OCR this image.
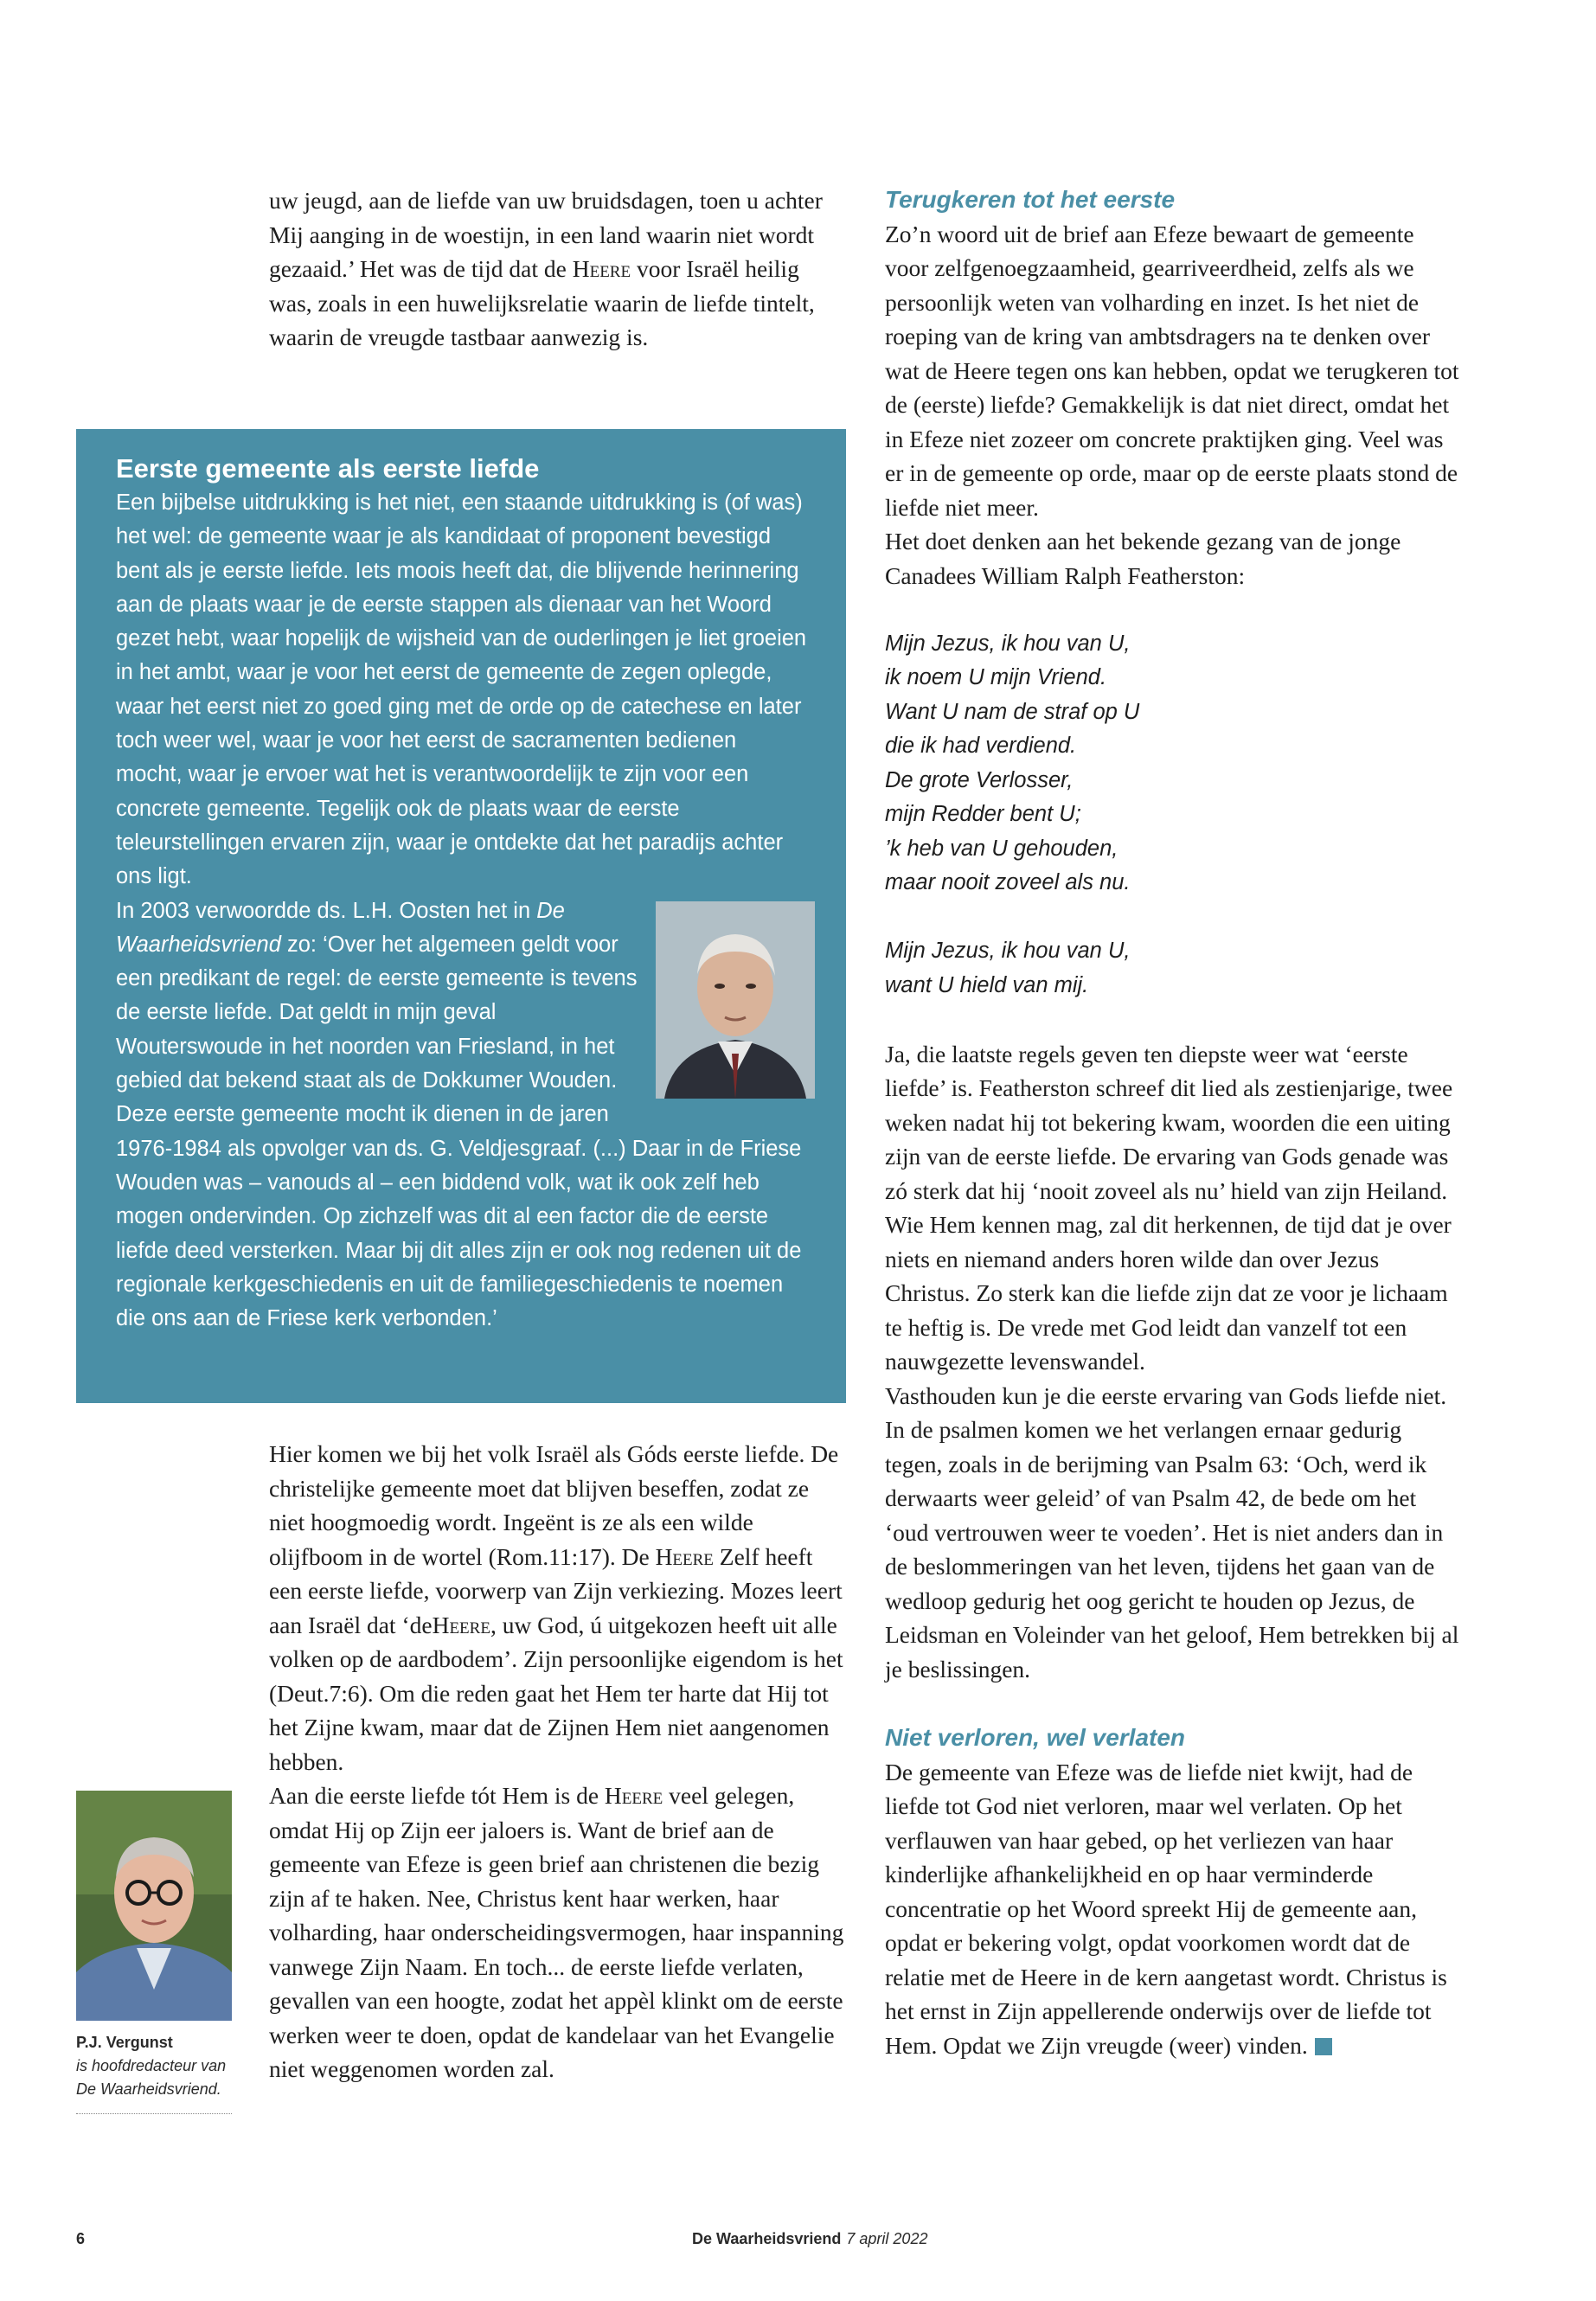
uw jeugd, aan de liefde van uw bruidsdagen, toen u achter Mij aanging in de woestijn, in een land waarin niet wordt gezaaid.’ Het was de tijd dat de Heere voor Israël heilig was, zoals in een huwelijksrelatie waarin de liefde tintelt, waarin de vreugde tastbaar aanwezig is.

Eerste gemeente als eerste liefde

Een bijbelse uitdrukking is het niet, een staande uitdrukking is (of was) het wel: de gemeente waar je als kandidaat of proponent bevestigd bent als je eerste liefde. Iets moois heeft dat, die blijvende herinnering aan de plaats waar je de eerste stappen als dienaar van het Woord gezet hebt, waar hopelijk de wijsheid van de ouderlingen je liet groeien in het ambt, waar je voor het eerst de gemeente de zegen oplegde, waar het eerst niet zo goed ging met de orde op de catechese en later toch weer wel, waar je voor het eerst de sacramenten bedienen mocht, waar je ervoer wat het is verantwoordelijk te zijn voor een concrete gemeente. Tegelijk ook de plaats waar de eerste teleurstellingen ervaren zijn, waar je ontdekte dat het paradijs achter ons ligt.

In 2003 verwoordde ds. L.H. Oosten het in De Waarheidsvriend zo: ‘Over het algemeen geldt voor een predikant de regel: de eerste gemeente is tevens de eerste liefde. Dat geldt in mijn geval Wouterswoude in het noorden van Friesland, in het gebied dat bekend staat als de Dokkumer Wouden. Deze eerste gemeente mocht ik dienen in de jaren 1976-1984 als opvolger van ds. G. Veldjesgraaf. (...) Daar in de Friese Wouden was – vanouds al – een biddend volk, wat ik ook zelf heb mogen ondervinden. Op zichzelf was dit al een factor die de eerste liefde deed versterken. Maar bij dit alles zijn er ook nog redenen uit de regionale kerkgeschiedenis en uit de familiegeschiedenis te noemen die ons aan de Friese kerk verbonden.’

Hier komen we bij het volk Israël als Góds eerste liefde. De christelijke gemeente moet dat blijven beseffen, zodat ze niet hoogmoedig wordt. Ingeënt is ze als een wilde olijfboom in de wortel (Rom.11:17). De Heere Zelf heeft een eerste liefde, voorwerp van Zijn verkiezing. Mozes leert aan Israël dat ‘deHeere, uw God, ú uitgekozen heeft uit alle volken op de aardbodem’. Zijn persoonlijke eigendom is het (Deut.7:6). Om die reden gaat het Hem ter harte dat Hij tot het Zijne kwam, maar dat de Zijnen Hem niet aangenomen hebben.

Aan die eerste liefde tót Hem is de Heere veel gelegen, omdat Hij op Zijn eer jaloers is. Want de brief aan de gemeente van Efeze is geen brief aan christenen die bezig zijn af te haken. Nee, Christus kent haar werken, haar volharding, haar onderscheidingsvermogen, haar inspanning vanwege Zijn Naam. En toch... de eerste liefde verlaten, gevallen van een hoogte, zodat het appèl klinkt om de eerste werken weer te doen, opdat de kandelaar van het Evangelie niet weggenomen worden zal.

P.J. Vergunst
is hoofdredacteur van De Waarheidsvriend.
Terugkeren tot het eerste

Zo’n woord uit de brief aan Efeze bewaart de gemeente voor zelfgenoegzaamheid, gearriveerdheid, zelfs als we persoonlijk weten van volharding en inzet. Is het niet de roeping van de kring van ambtsdragers na te denken over wat de Heere tegen ons kan hebben, opdat we terugkeren tot de (eerste) liefde? Gemakkelijk is dat niet direct, omdat het in Efeze niet zozeer om concrete praktijken ging. Veel was er in de gemeente op orde, maar op de eerste plaats stond de liefde niet meer.

Het doet denken aan het bekende gezang van de jonge Canadees William Ralph Featherston:

Mijn Jezus, ik hou van U,
ik noem U mijn Vriend.
Want U nam de straf op U
die ik had verdiend.
De grote Verlosser,
mijn Redder bent U;
’k heb van U gehouden,
maar nooit zoveel als nu.
Mijn Jezus, ik hou van U,
want U hield van mij.

Ja, die laatste regels geven ten diepste weer wat ‘eerste liefde’ is. Featherston schreef dit lied als zestienjarige, twee weken nadat hij tot bekering kwam, woorden die een uiting zijn van de eerste liefde. De ervaring van Gods genade was zó sterk dat hij ‘nooit zoveel als nu’ hield van zijn Heiland. Wie Hem kennen mag, zal dit herkennen, de tijd dat je over niets en niemand anders horen wilde dan over Jezus Christus. Zo sterk kan die liefde zijn dat ze voor je lichaam te heftig is. De vrede met God leidt dan vanzelf tot een nauwgezette levenswandel.

Vasthouden kun je die eerste ervaring van Gods liefde niet. In de psalmen komen we het verlangen ernaar gedurig tegen, zoals in de berijming van Psalm 63: ‘Och, werd ik derwaarts weer geleid’ of van Psalm 42, de bede om het ‘oud vertrouwen weer te voeden’. Het is niet anders dan in de beslommeringen van het leven, tijdens het gaan van de wedloop gedurig het oog gericht te houden op Jezus, de Leidsman en Voleinder van het geloof, Hem betrekken bij al je beslissingen.

Niet verloren, wel verlaten

De gemeente van Efeze was de liefde niet kwijt, had de liefde tot God niet verloren, maar wel verlaten. Op het verflauwen van haar gebed, op het verliezen van haar kinderlijke afhankelijkheid en op haar verminderde concentratie op het Woord spreekt Hij de gemeente aan, opdat er bekering volgt, opdat voorkomen wordt dat de relatie met de Heere in de kern aangetast wordt. Christus is het ernst in Zijn appellerende onderwijs over de liefde tot Hem. Opdat we Zijn vreugde (weer) vinden.

6	De Waarheidsvriend 7 april 2022
